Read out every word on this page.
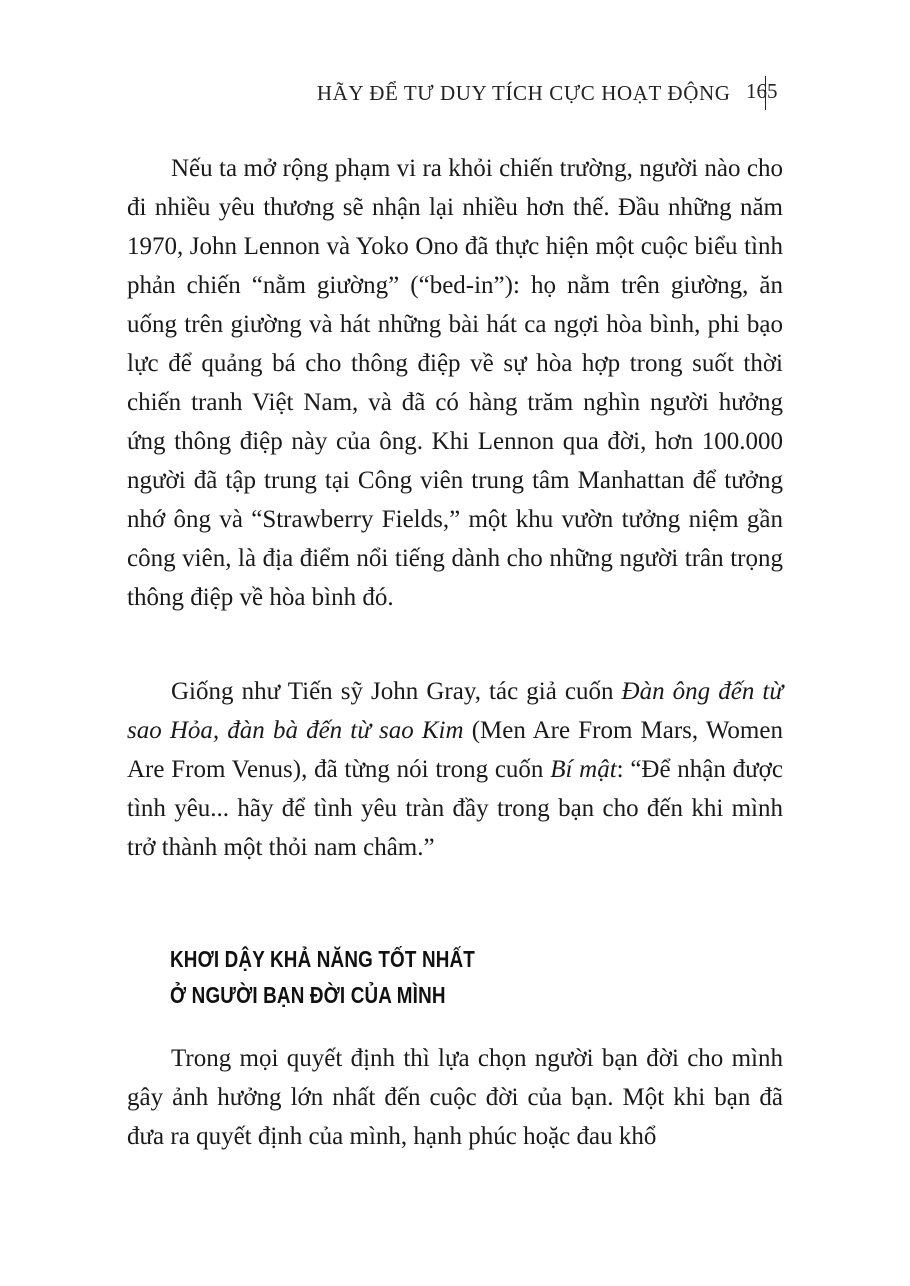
HÃY ĐỂ TƯ DUY TÍCH CỰC HOẠT ĐỘNG 165

Nếu ta mở rộng phạm vi ra khỏi chiến trường, người nào cho đi nhiều yêu thương sẽ nhận lại nhiều hơn thế. Đầu những năm 1970, John Lennon và Yoko Ono đã thực hiện một cuộc biểu tình phản chiến “nằm giường” (“bed-in”): họ nằm trên giường, ăn uống trên giường và hát những bài hát ca ngợi hòa bình, phi bạo lực để quảng bá cho thông điệp về sự hòa hợp trong suốt thời chiến tranh Việt Nam, và đã có hàng trăm nghìn người hưởng ứng thông điệp này của ông. Khi Lennon qua đời, hơn 100.000 người đã tập trung tại Công viên trung tâm Manhattan để tưởng nhớ ông và “Strawberry Fields,” một khu vườn tưởng niệm gần công viên, là địa điểm nổi tiếng dành cho những người trân trọng thông điệp về hòa bình đó.

Giống như Tiến sỹ John Gray, tác giả cuốn Đàn ông đến từ sao Hỏa, đàn bà đến từ sao Kim (Men Are From Mars, Women Are From Venus), đã từng nói trong cuốn Bí mật: “Để nhận được tình yêu... hãy để tình yêu tràn đầy trong bạn cho đến khi mình trở thành một thỏi nam châm.”

KHƠI DẬY KHẢ NĂNG TỐT NHẤT
Ở NGƯỜI BẠN ĐỜI CỦA MÌNH

Trong mọi quyết định thì lựa chọn người bạn đời cho mình gây ảnh hưởng lớn nhất đến cuộc đời của bạn. Một khi bạn đã đưa ra quyết định của mình, hạnh phúc hoặc đau khổ
